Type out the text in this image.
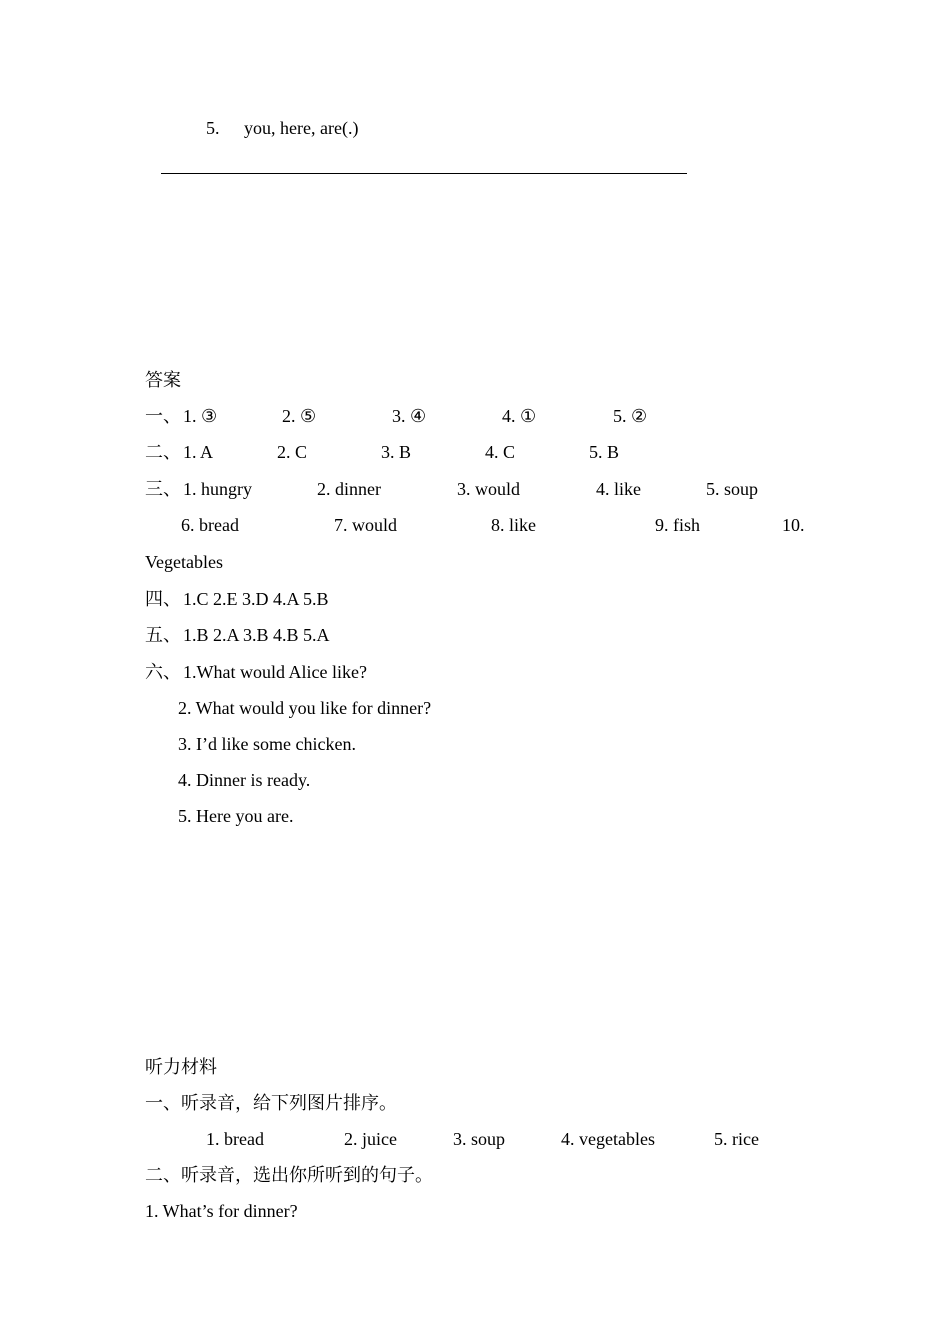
5. you, here, are(.)
答案
一、 1. ③	2. ⑤	3. ④	4. ①	5. ②
二、 1. A	2. C	3. B	4. C	5. B
三、 1. hungry	2. dinner	3. would	4. like	5. soup
6. bread	7. would	8. like	9. fish	10.
Vegetables
四、 1.C 2.E 3.D 4.A 5.B
五、 1.B 2.A 3.B 4.B 5.A
六、 1.What would Alice like?
2. What would you like for dinner?
3. I’d like some chicken.
4. Dinner is ready.
5. Here you are.
听力材料
一、听录音，给下列图片排序。
1. bread	2. juice	3. soup	4. vegetables	5. rice
二、听录音，选出你所听到的句子。
1. What’s for dinner?
